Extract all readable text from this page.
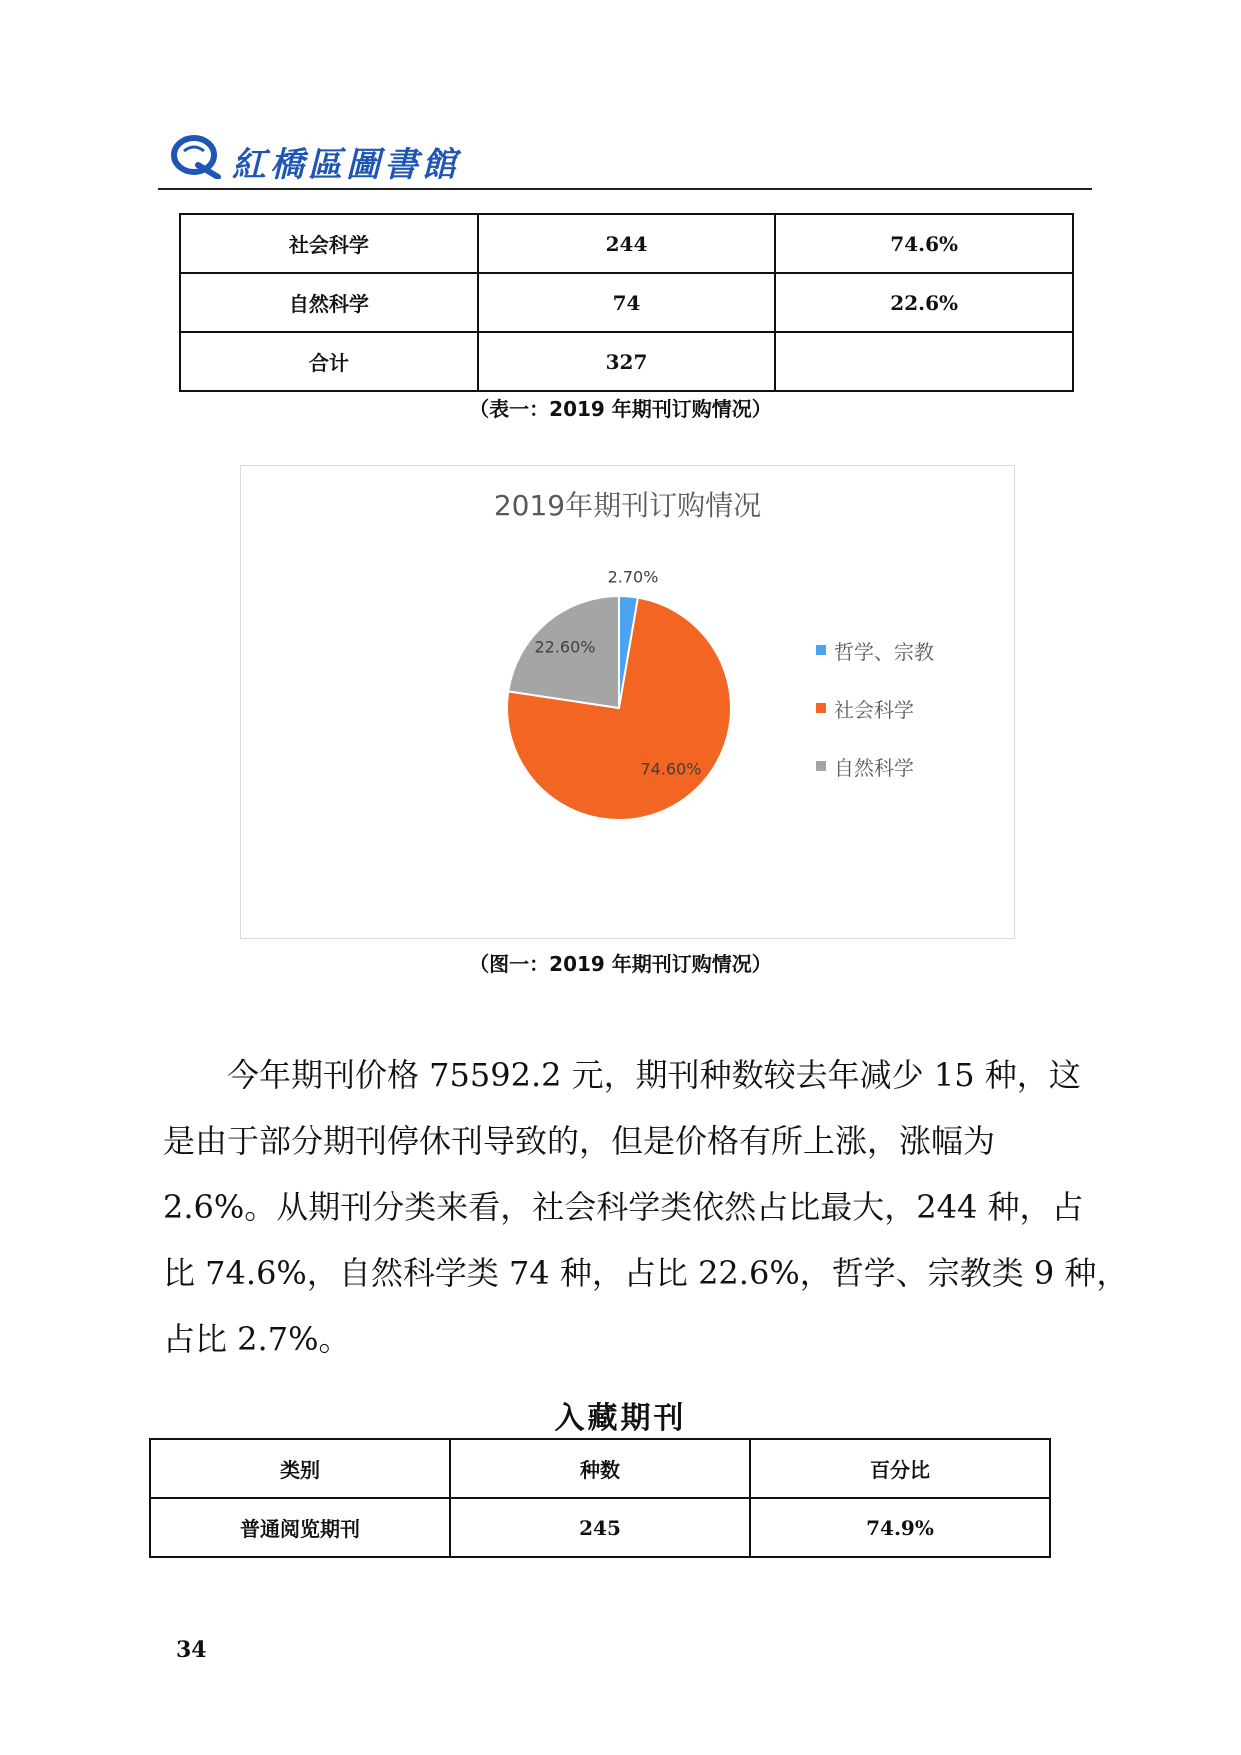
紅橋區圖書館
社会科学	244	74.6%
自然科学	74	22.6%
合计	327	
（表一：2019 年期刊订购情况）
2019年期刊订购情况
2.70%
74.60%
22.60%	哲学、宗教
社会科学
自然科学
（图一：2019 年期刊订购情况）
今年期刊价格 75592.2 元，期刊种数较去年减少 15 种，这
是由于部分期刊停休刊导致的，但是价格有所上涨，涨幅为
2.6%。从期刊分类来看，社会科学类依然占比最大，244 种，占
比 74.6%，自然科学类 74 种，占比 22.6%，哲学、宗教类 9 种，
占比 2.7%。
入藏期刊
类别	种数	百分比
普通阅览期刊	245	74.9%
34
